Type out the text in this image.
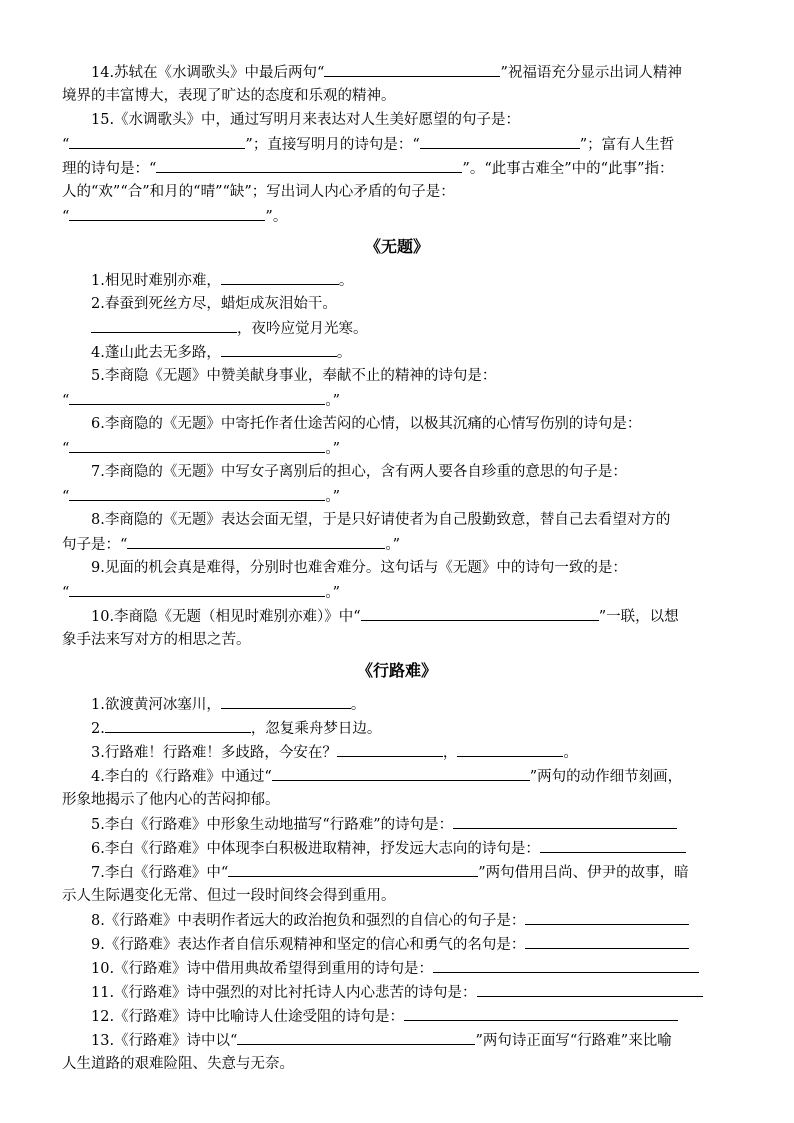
14.苏轼在《水调歌头》中最后两句“	”祝福语充分显示出词人精神
境界的丰富博大，表现了旷达的态度和乐观的精神。
15.《水调歌头》中，通过写明月来表达对人生美好愿望的句子是：
“	”；直接写明月的诗句是：“	”；富有人生哲
理的诗句是：“	”。“此事古难全”中的“此事”指：
人的“欢”“合”和月的“晴”“缺”；写出词人内心矛盾的句子是：
“	”。
《无题》
1.相见时难别亦难，	。
2.春蚕到死丝方尽，蜡炬成灰泪始干。
，夜吟应觉月光寒。
4.蓬山此去无多路，	。
5.李商隐《无题》中赞美献身事业，奉献不止的精神的诗句是：
“	。”
6.李商隐的《无题》中寄托作者仕途苦闷的心情，以极其沉痛的心情写伤别的诗句是：
“	。”
7.李商隐的《无题》中写女子离别后的担心，含有两人要各自珍重的意思的句子是：
“	。”
8.李商隐的《无题》表达会面无望，于是只好请使者为自己殷勤致意，替自己去看望对方的
句子是：“	。”
9.见面的机会真是难得，分别时也难舍难分。这句话与《无题》中的诗句一致的是：
“	。”
10.李商隐《无题（相见时难别亦难）》中“	”一联，以想
象手法来写对方的相思之苦。
《行路难》
1.欲渡黄河冰塞川，	。
2.	，忽复乘舟梦日边。
3.行路难！行路难！多歧路，今安在？	，	。
4.李白的《行路难》中通过“	”两句的动作细节刻画，
形象地揭示了他内心的苦闷抑郁。
5.李白《行路难》中形象生动地描写“行路难”的诗句是：
6.李白《行路难》中体现李白积极进取精神，抒发远大志向的诗句是：
7.李白《行路难》中“	”两句借用吕尚、伊尹的故事，暗
示人生际遇变化无常、但过一段时间终会得到重用。
8.《行路难》中表明作者远大的政治抱负和强烈的自信心的句子是：
9.《行路难》表达作者自信乐观精神和坚定的信心和勇气的名句是：
10.《行路难》诗中借用典故希望得到重用的诗句是：
11.《行路难》诗中强烈的对比衬托诗人内心悲苦的诗句是：
12.《行路难》诗中比喻诗人仕途受阻的诗句是：
13.《行路难》诗中以“	”两句诗正面写“行路难”来比喻
人生道路的艰难险阻、失意与无奈。
